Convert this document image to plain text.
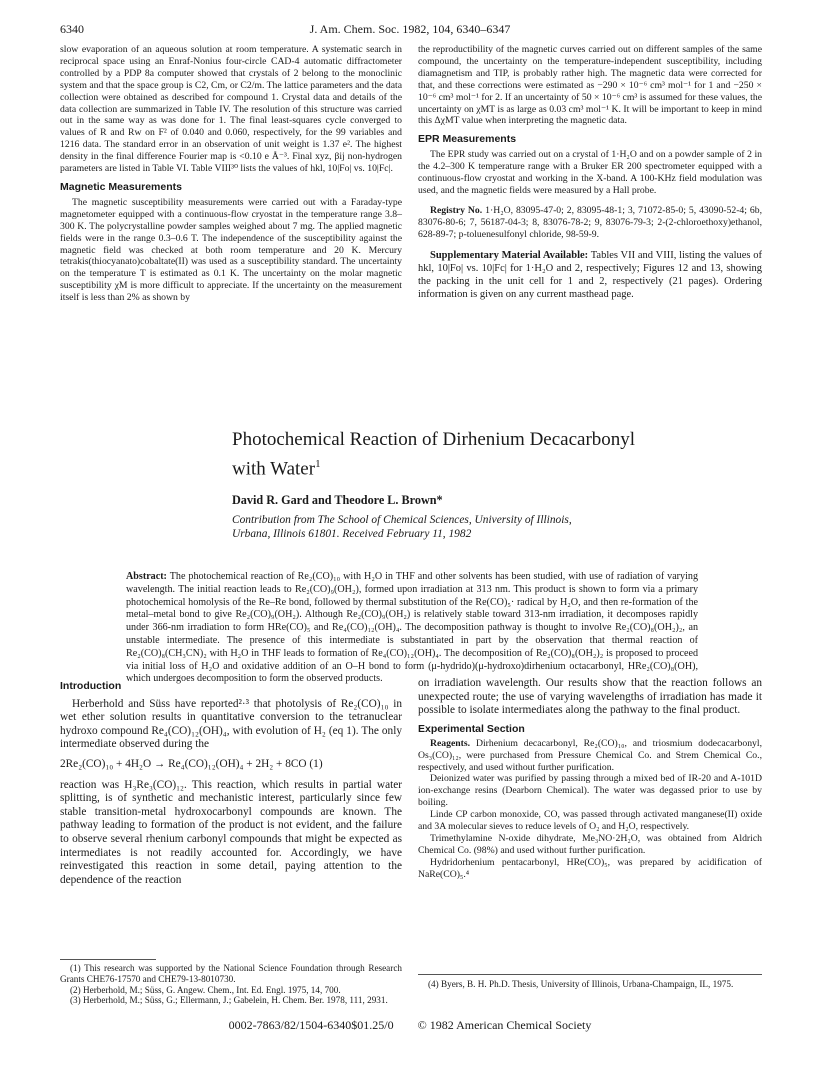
6340	J. Am. Chem. Soc. 1982, 104, 6340–6347

slow evaporation of an aqueous solution at room temperature. A systematic search in reciprocal space using an Enraf-Nonius four-circle CAD-4 automatic diffractometer controlled by a PDP 8a computer showed that crystals of 2 belong to the monoclinic system and that the space group is C2, Cm, or C2/m. The lattice parameters and the data collection were obtained as described for compound 1. Crystal data and details of the data collection are summarized in Table IV. The resolution of this structure was carried out in the same way as was done for 1. The final least-squares cycle converged to values of R and Rw on F² of 0.040 and 0.060, respectively, for the 99 variables and 1216 data. The standard error in an observation of unit weight is 1.37 e². The highest density in the final difference Fourier map is <0.10 e Å⁻³. Final xyz, βij non-hydrogen parameters are listed in Table VI. Table VIII³⁰ lists the values of hkl, 10|Fo| vs. 10|Fc|.

Magnetic Measurements

The magnetic susceptibility measurements were carried out with a Faraday-type magnetometer equipped with a continuous-flow cryostat in the temperature range 3.8–300 K. The polycrystalline powder samples weighed about 7 mg. The applied magnetic fields were in the range 0.3–0.6 T. The independence of the susceptibility against the magnetic field was checked at both room temperature and 20 K. Mercury tetrakis(thiocyanato)cobaltate(II) was used as a susceptibility standard. The uncertainty on the temperature T is estimated as 0.1 K. The uncertainty on the molar magnetic susceptibility χM is more difficult to appreciate. If the uncertainty on the measurement itself is less than 2% as shown by

the reproductibility of the magnetic curves carried out on different samples of the same compound, the uncertainty on the temperature-independent susceptibility, including diamagnetism and TIP, is probably rather high. The magnetic data were corrected for that, and these corrections were estimated as −290 × 10⁻⁶ cm³ mol⁻¹ for 1 and −250 × 10⁻⁶ cm³ mol⁻¹ for 2. If an uncertainty of 50 × 10⁻⁶ cm³ is assumed for these values, the uncertainty on χMT is as large as 0.03 cm³ mol⁻¹ K. It will be important to keep in mind this ΔχMT value when interpreting the magnetic data.

EPR Measurements

The EPR study was carried out on a crystal of 1·H₂O and on a powder sample of 2 in the 4.2–300 K temperature range with a Bruker ER 200 spectrometer equipped with a continuous-flow cryostat and working in the X-band. A 100-KHz field modulation was used, and the magnetic fields were measured by a Hall probe.

Registry No. 1·H₂O, 83095-47-0; 2, 83095-48-1; 3, 71072-85-0; 5, 43090-52-4; 6b, 83076-80-6; 7, 56187-04-3; 8, 83076-78-2; 9, 83076-79-3; 2-(2-chloroethoxy)ethanol, 628-89-7; p-toluenesulfonyl chloride, 98-59-9.

Supplementary Material Available: Tables VII and VIII, listing the values of hkl, 10|Fo| vs. 10|Fc| for 1·H₂O and 2, respectively; Figures 12 and 13, showing the packing in the unit cell for 1 and 2, respectively (21 pages). Ordering information is given on any current masthead page.

Photochemical Reaction of Dirhenium Decacarbonyl
with Water$^1$
David R. Gard and Theodore L. Brown*
Contribution from The School of Chemical Sciences, University of Illinois,
Urbana, Illinois 61801. Received February 11, 1982
Abstract: The photochemical reaction of Re₂(CO)₁₀ with H₂O in THF and other solvents has been studied, with use of radiation of varying wavelength. The initial reaction leads to Re₂(CO)₉(OH₂), formed upon irradiation at 313 nm. This product is shown to form via a primary photochemical homolysis of the Re–Re bond, followed by thermal substitution of the Re(CO)₅· radical by H₂O, and then re-formation of the metal–metal bond to give Re₂(CO)₉(OH₂). Although Re₂(CO)₉(OH₂) is relatively stable toward 313-nm irradiation, it decomposes rapidly under 366-nm irradiation to form HRe(CO)₅ and Re₄(CO)₁₂(OH)₄. The decomposition pathway is thought to involve Re₂(CO)₈(OH₂)₂, an unstable intermediate. The presence of this intermediate is substantiated in part by the observation that thermal reaction of Re₂(CO)₈(CH₃CN)₂ with H₂O in THF leads to formation of Re₄(CO)₁₂(OH)₄. The decomposition of Re₂(CO)₈(OH₂)₂ is proposed to proceed via initial loss of H₂O and oxidative addition of an O–H bond to form (μ-hydrido)(μ-hydroxo)dirhenium octacarbonyl, HRe₂(CO)₈(OH), which undergoes decomposition to form the observed products.
Introduction

Herberhold and Süss have reported²·³ that photolysis of Re₂(CO)₁₀ in wet ether solution results in quantitative conversion to the tetranuclear hydroxo compound Re₄(CO)₁₂(OH)₄, with evolution of H₂ (eq 1). The only intermediate observed during the

2Re₂(CO)₁₀ + 4H₂O → Re₄(CO)₁₂(OH)₄ + 2H₂ + 8CO (1)

reaction was H₃Re₃(CO)₁₂. This reaction, which results in partial water splitting, is of synthetic and mechanistic interest, particularly since few stable transition-metal hydroxocarbonyl compounds are known. The pathway leading to formation of the product is not evident, and the failure to observe several rhenium carbonyl compounds that might be expected as intermediates is not readily accounted for. Accordingly, we have reinvestigated this reaction in some detail, paying attention to the dependence of the reaction

on irradiation wavelength. Our results show that the reaction follows an unexpected route; the use of varying wavelengths of irradiation has made it possible to isolate intermediates along the pathway to the final product.

Experimental Section

Reagents. Dirhenium decacarbonyl, Re₂(CO)₁₀, and triosmium dodecacarbonyl, Os₃(CO)₁₂, were purchased from Pressure Chemical Co. and Strem Chemical Co., respectively, and used without further purification.

Deionized water was purified by passing through a mixed bed of IR-20 and A-101D ion-exchange resins (Dearborn Chemical). The water was degassed prior to use by boiling.

Linde CP carbon monoxide, CO, was passed through activated manganese(II) oxide and 3A molecular sieves to reduce levels of O₂ and H₂O, respectively.

Trimethylamine N-oxide dihydrate, Me₃NO·2H₂O, was obtained from Aldrich Chemical Co. (98%) and used without further purification.

Hydridorhenium pentacarbonyl, HRe(CO)₅, was prepared by acidification of NaRe(CO)₅.⁴

(1) This research was supported by the National Science Foundation through Research Grants CHE76-17570 and CHE79-13-8010730.

(2) Herberhold, M.; Süss, G. Angew. Chem., Int. Ed. Engl. 1975, 14, 700.

(3) Herberhold, M.; Süss, G.; Ellermann, J.; Gabelein, H. Chem. Ber. 1978, 111, 2931.

(4) Byers, B. H. Ph.D. Thesis, University of Illinois, Urbana-Champaign, IL, 1975.

0002-7863/82/1504-6340$01.25/0 © 1982 American Chemical Society
